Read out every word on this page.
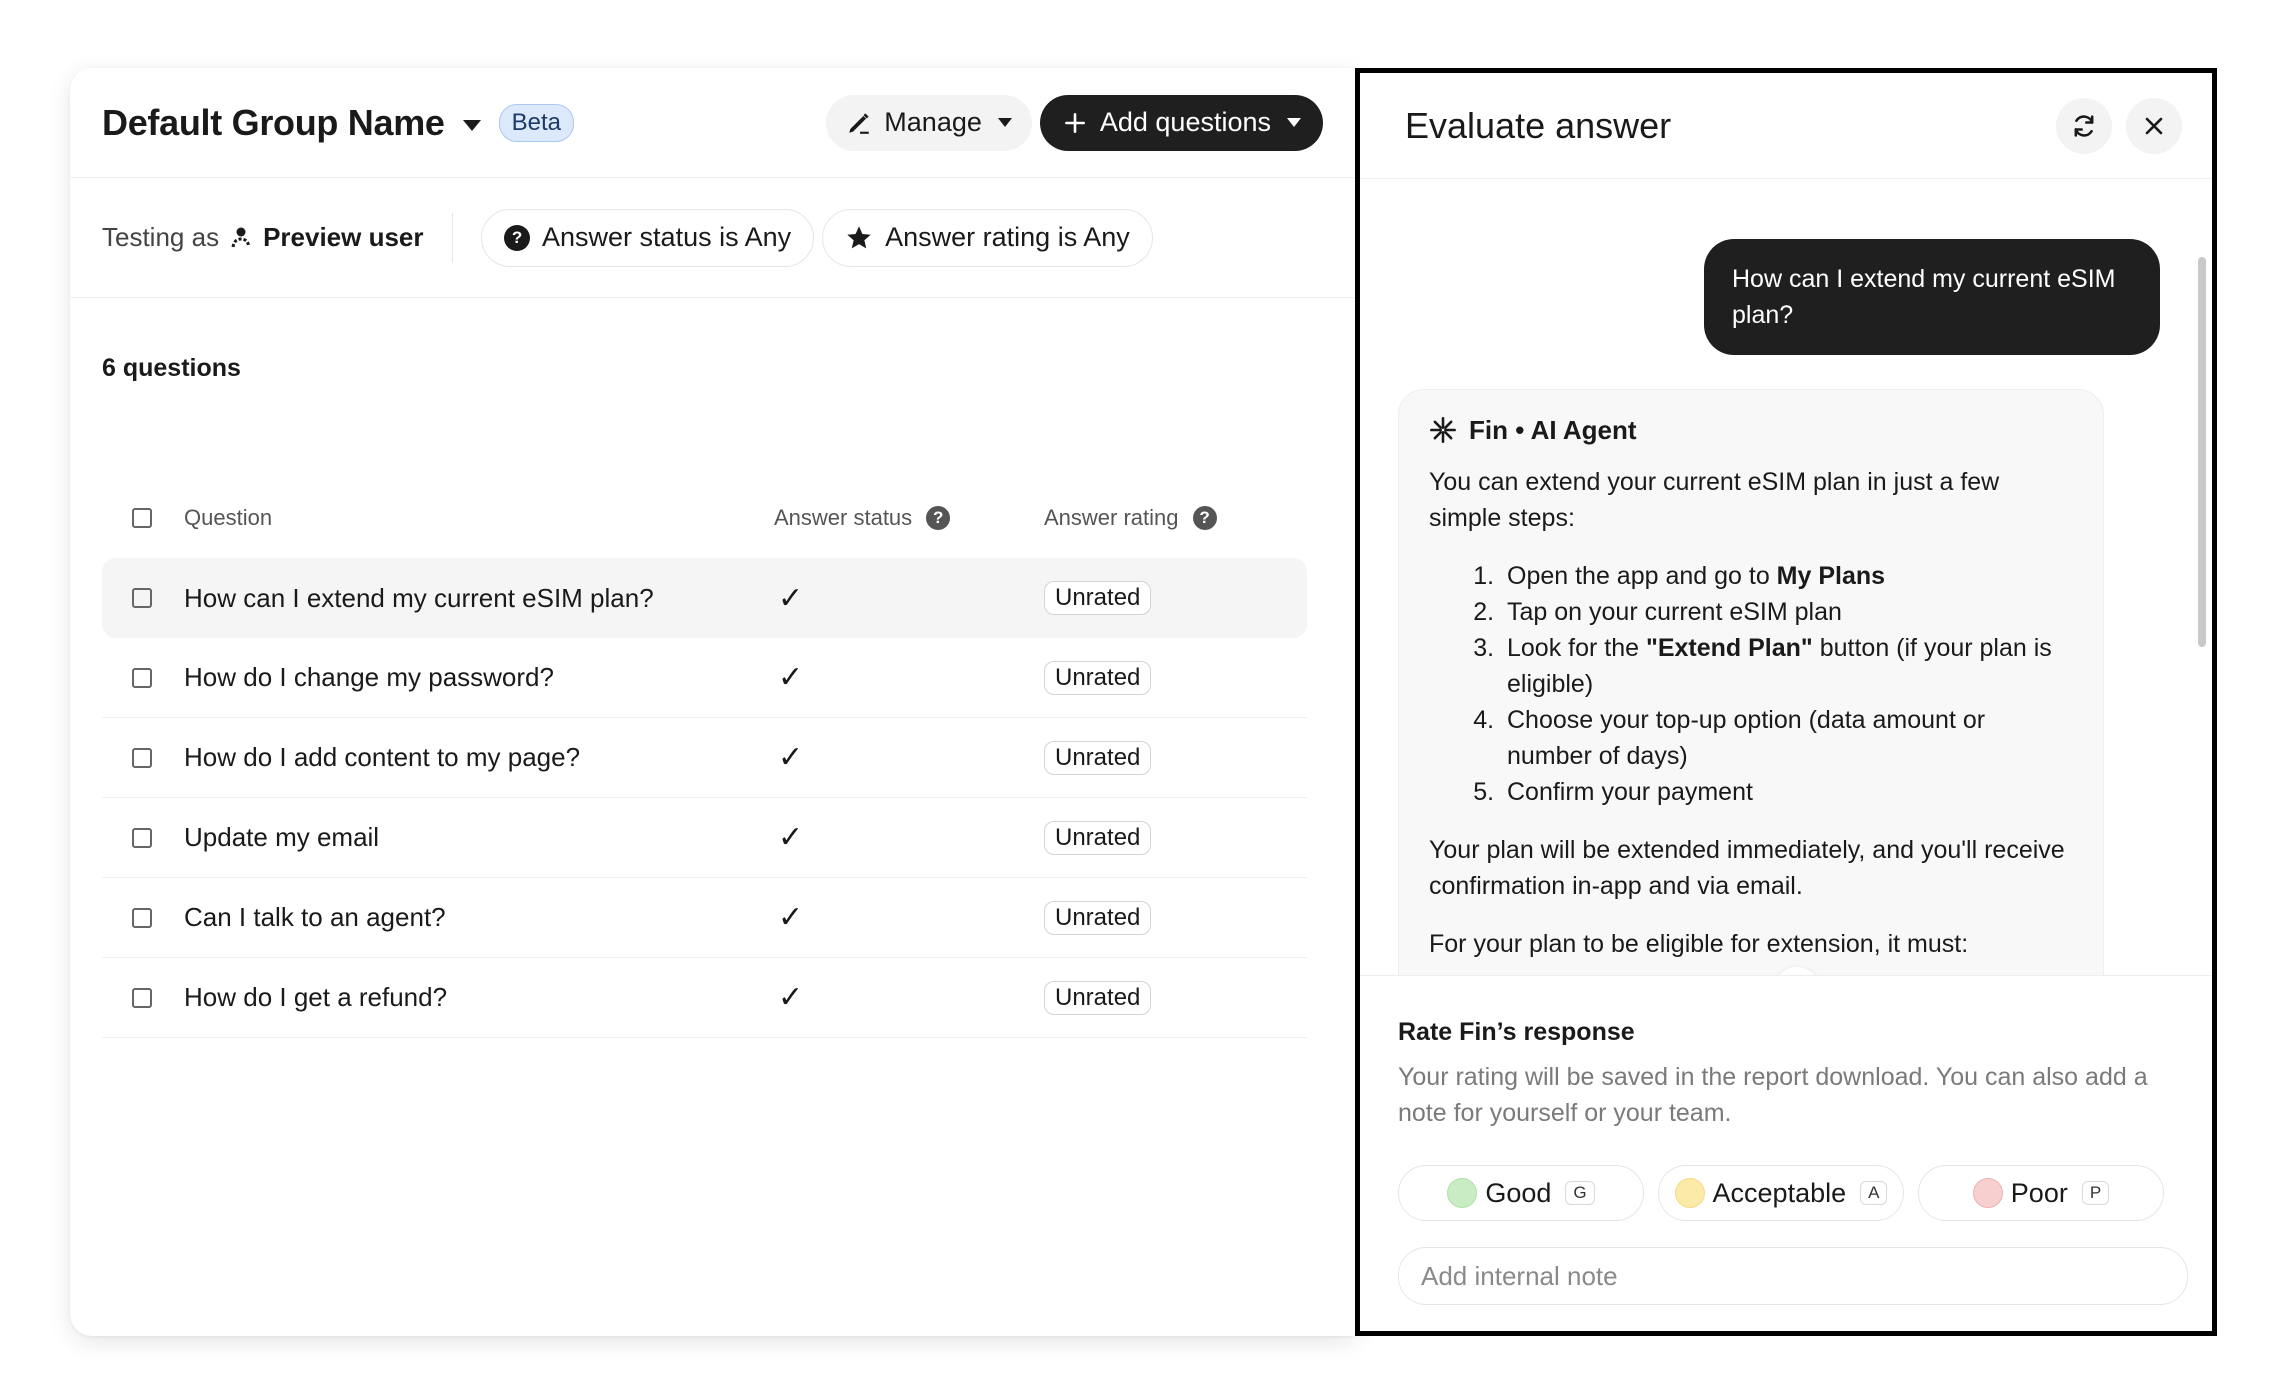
Default Group Name	Beta	Manage	Add questions
Testing as Preview user	? Answer status is Any	Answer rating is Any
6 questions
Question	Answer status	?	Answer rating	?
How can I extend my current eSIM plan?	✓	Unrated
How do I change my password?	✓	Unrated
How do I add content to my page?	✓	Unrated
Update my email	✓	Unrated
Can I talk to an agent?	✓	Unrated
How do I get a refund?	✓	Unrated
Evaluate answer
How can I extend my current eSIM plan?
Fin • AI Agent

You can extend your current eSIM plan in just a few simple steps:

1. Open the app and go to My Plans
2. Tap on your current eSIM plan
3. Look for the "Extend Plan" button (if your plan is eligible)
4. Choose your top-up option (data amount or number of days)
5. Confirm your payment

Your plan will be extended immediately, and you'll receive confirmation in-app and via email.

For your plan to be eligible for extension, it must:

Rate Fin’s response
Your rating will be saved in the report download. You can also add a note for yourself or your team.
Good	G	Acceptable	A	Poor	P
Add internal note
